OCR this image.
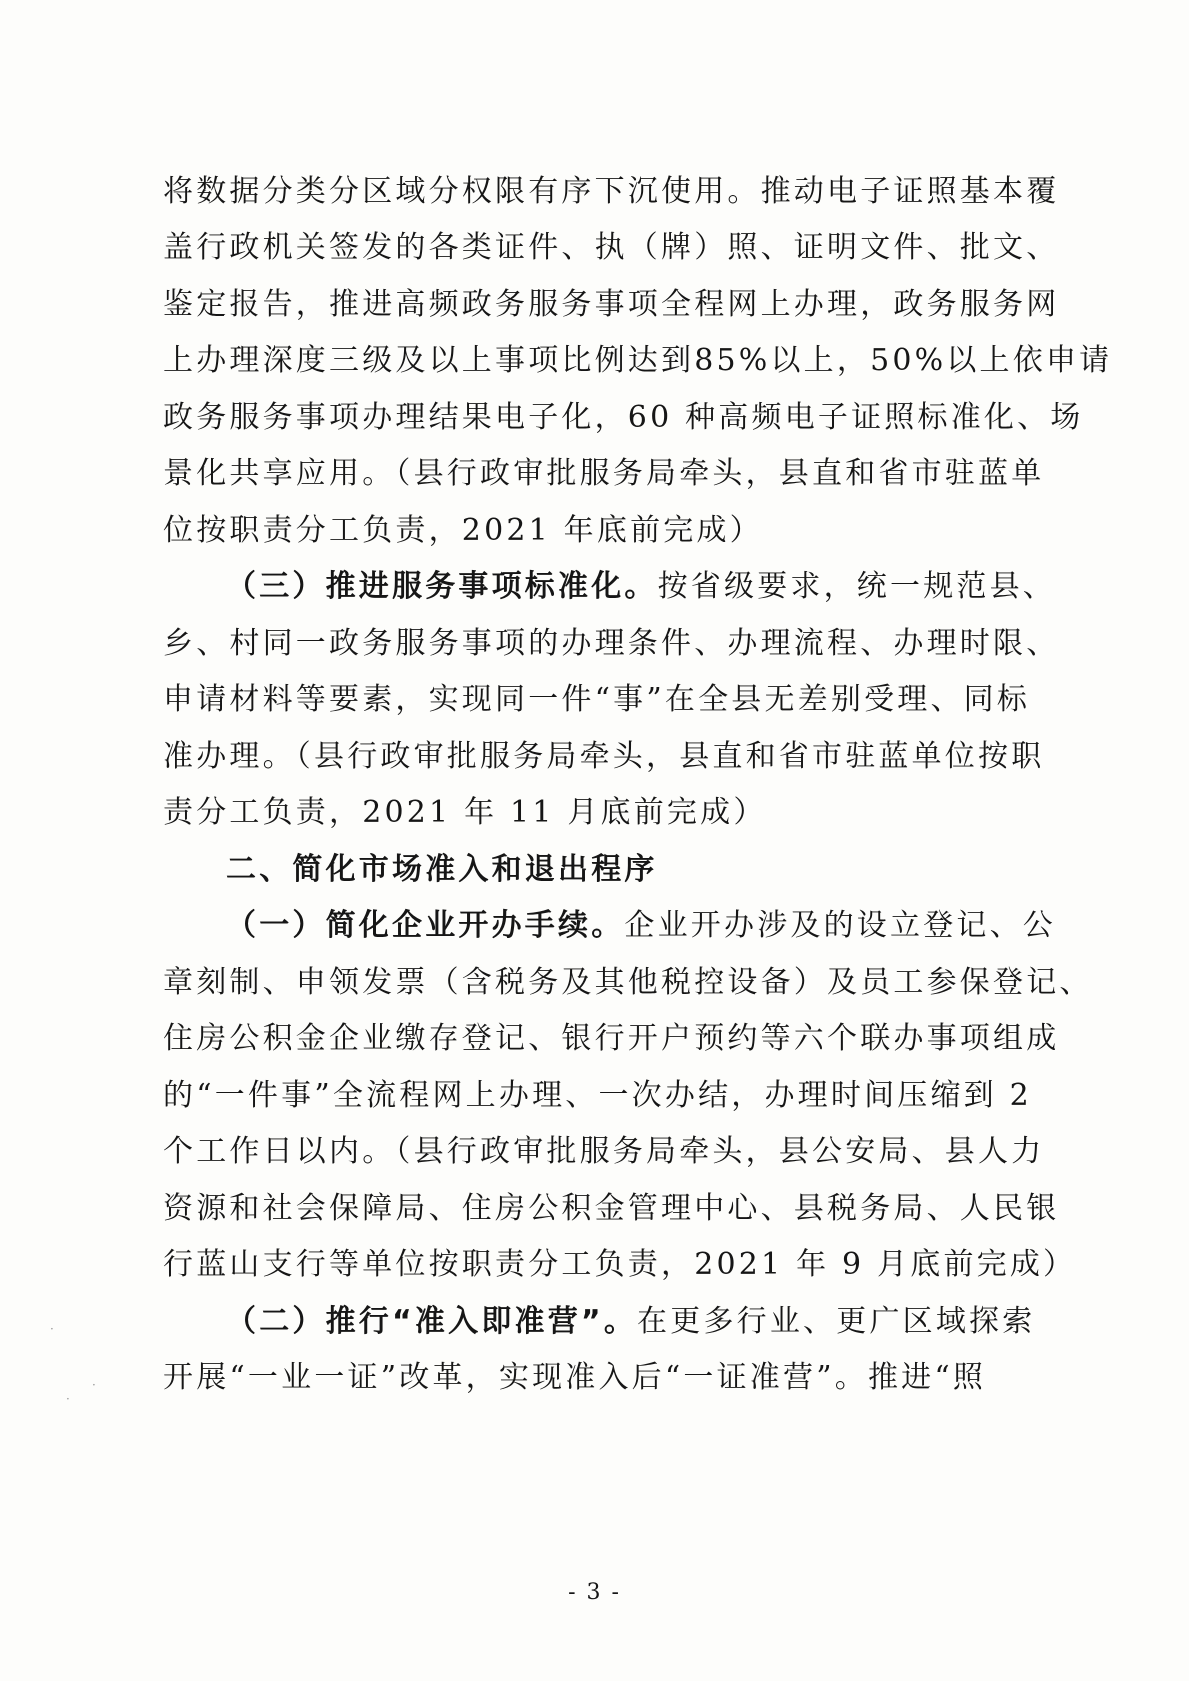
将数据分类分区域分权限有序下沉使用。推动电子证照基本覆
盖行政机关签发的各类证件、执（牌）照、证明文件、批文、
鉴定报告，推进高频政务服务事项全程网上办理，政务服务网
上办理深度三级及以上事项比例达到85%以上，50%以上依申请
政务服务事项办理结果电子化，60 种高频电子证照标准化、场
景化共享应用。（县行政审批服务局牵头，县直和省市驻蓝单
位按职责分工负责，2021 年底前完成）
（三）推进服务事项标准化。按省级要求，统一规范县、
乡、村同一政务服务事项的办理条件、办理流程、办理时限、
申请材料等要素，实现同一件“事”在全县无差别受理、同标
准办理。（县行政审批服务局牵头，县直和省市驻蓝单位按职
责分工负责，2021 年 11 月底前完成）
二、简化市场准入和退出程序
（一）简化企业开办手续。企业开办涉及的设立登记、公
章刻制、申领发票（含税务及其他税控设备）及员工参保登记、
住房公积金企业缴存登记、银行开户预约等六个联办事项组成
的“一件事”全流程网上办理、一次办结，办理时间压缩到 2
个工作日以内。（县行政审批服务局牵头，县公安局、县人力
资源和社会保障局、住房公积金管理中心、县税务局、人民银
行蓝山支行等单位按职责分工负责，2021 年 9 月底前完成）
（二）推行“准入即准营”。在更多行业、更广区域探索
开展“一业一证”改革，实现准入后“一证准营”。推进“照
·
·
·
- 3 -
